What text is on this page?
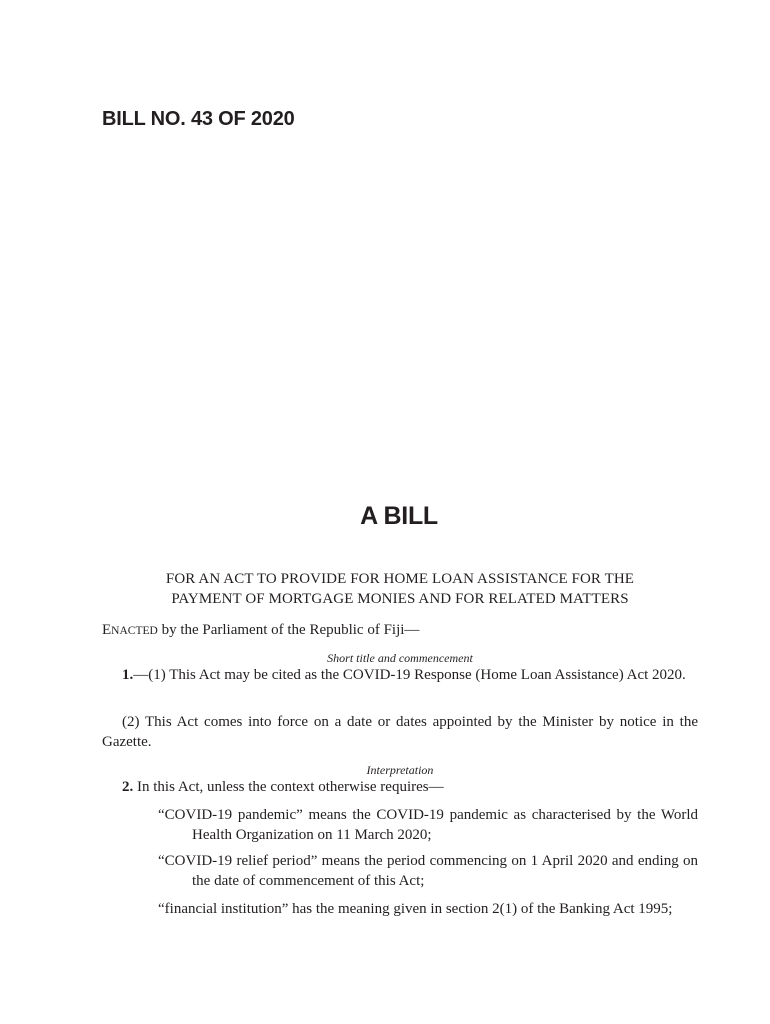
BILL NO. 43 OF 2020
A BILL
FOR AN ACT TO PROVIDE FOR HOME LOAN ASSISTANCE FOR THE
PAYMENT OF MORTGAGE MONIES AND FOR RELATED MATTERS
ENACTED by the Parliament of the Republic of Fiji—
Short title and commencement
1.—(1) This Act may be cited as the COVID-19 Response (Home Loan Assistance) Act 2020.
(2) This Act comes into force on a date or dates appointed by the Minister by notice in the Gazette.
Interpretation
2. In this Act, unless the context otherwise requires—
“COVID-19 pandemic” means the COVID-19 pandemic as characterised by the World Health Organization on 11 March 2020;
“COVID-19 relief period” means the period commencing on 1 April 2020 and ending on the date of commencement of this Act;
“financial institution” has the meaning given in section 2(1) of the Banking Act 1995;
